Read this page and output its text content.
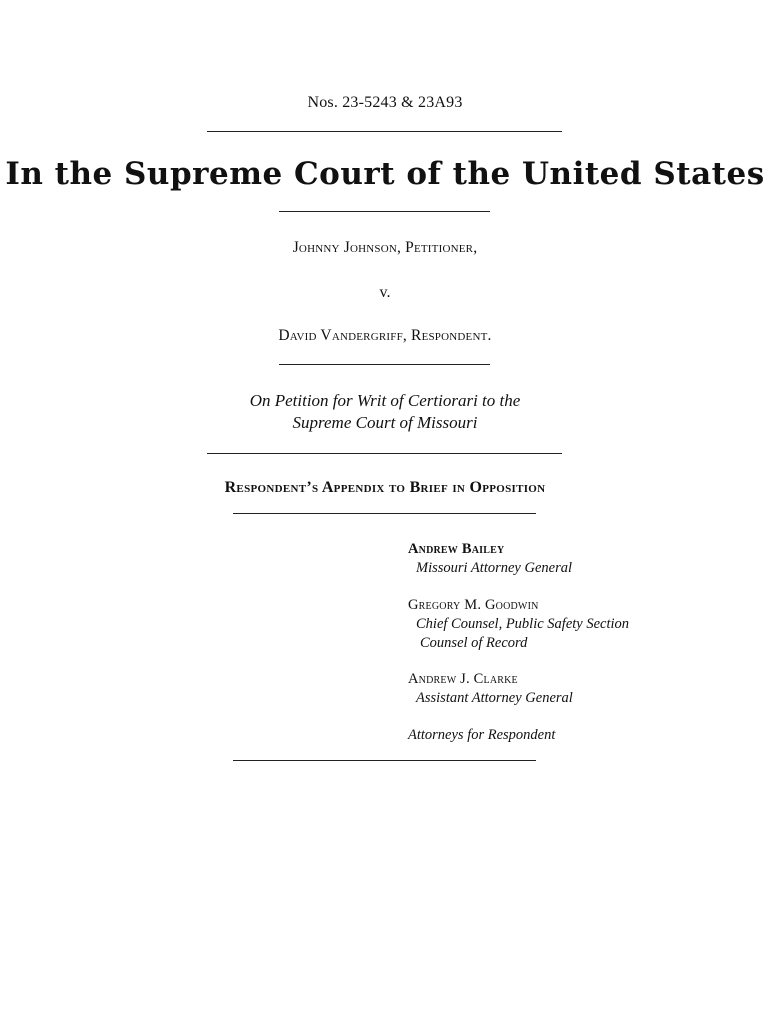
Nos. 23-5243 & 23A93
In the Supreme Court of the United States
Johnny Johnson, Petitioner,
v.
David Vandergriff, Respondent.
On Petition for Writ of Certiorari to the
Supreme Court of Missouri
Respondent’s Appendix to Brief in Opposition
Andrew Bailey
Missouri Attorney General
Gregory M. Goodwin
Chief Counsel, Public Safety Section
Counsel of Record
Andrew J. Clarke
Assistant Attorney General
Attorneys for Respondent
